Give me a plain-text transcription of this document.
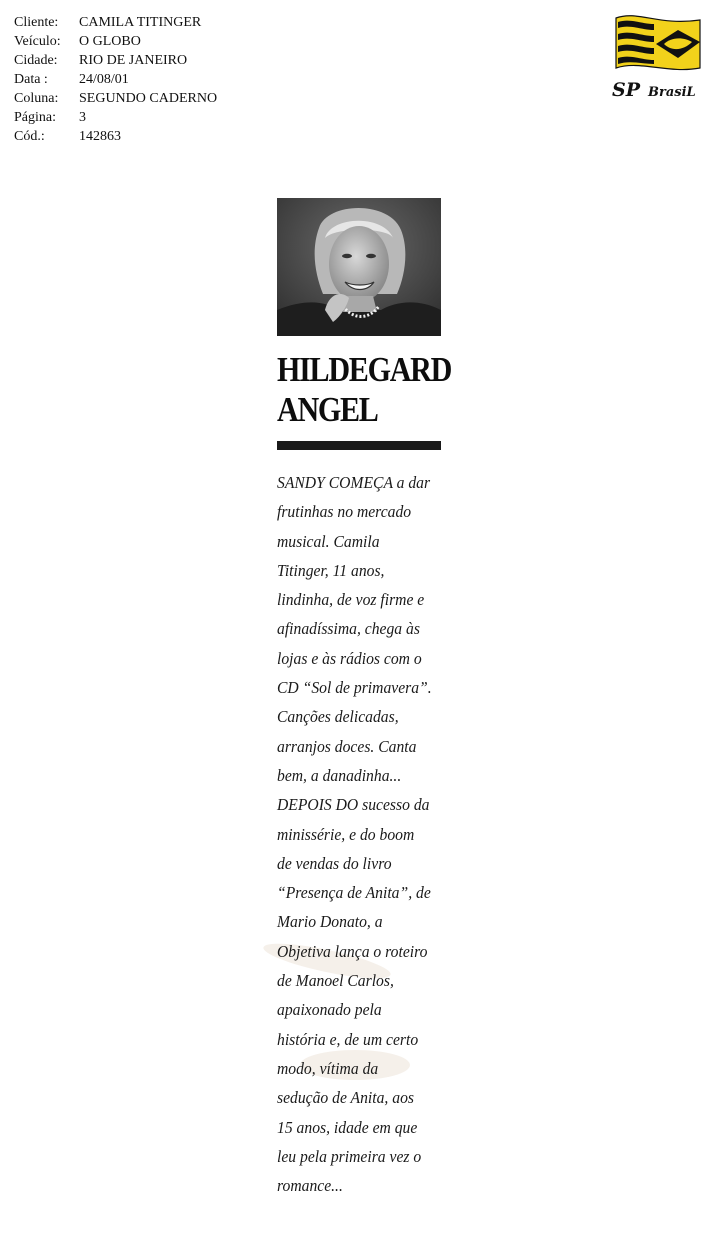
Cliente:	CAMILA TITINGER
Veículo:	O GLOBO
Cidade:	RIO DE JANEIRO
Data :	24/08/01
Coluna:	SEGUNDO CADERNO
Página:	3
Cód.:	142863
SP BrasiL
HILDEGARD
ANGEL
SANDY COMEÇA a dar
frutinhas no mercado
musical. Camila
Titinger, 11 anos,
lindinha, de voz firme e
afinadíssima, chega às
lojas e às rádios com o
CD “Sol de primavera”.
Canções delicadas,
arranjos doces. Canta
bem, a danadinha...
DEPOIS DO sucesso da
minissérie, e do boom
de vendas do livro
“Presença de Anita”, de
Mario Donato, a
Objetiva lança o roteiro
de Manoel Carlos,
apaixonado pela
história e, de um certo
modo, vítima da
sedução de Anita, aos
15 anos, idade em que
leu pela primeira vez o
romance...
